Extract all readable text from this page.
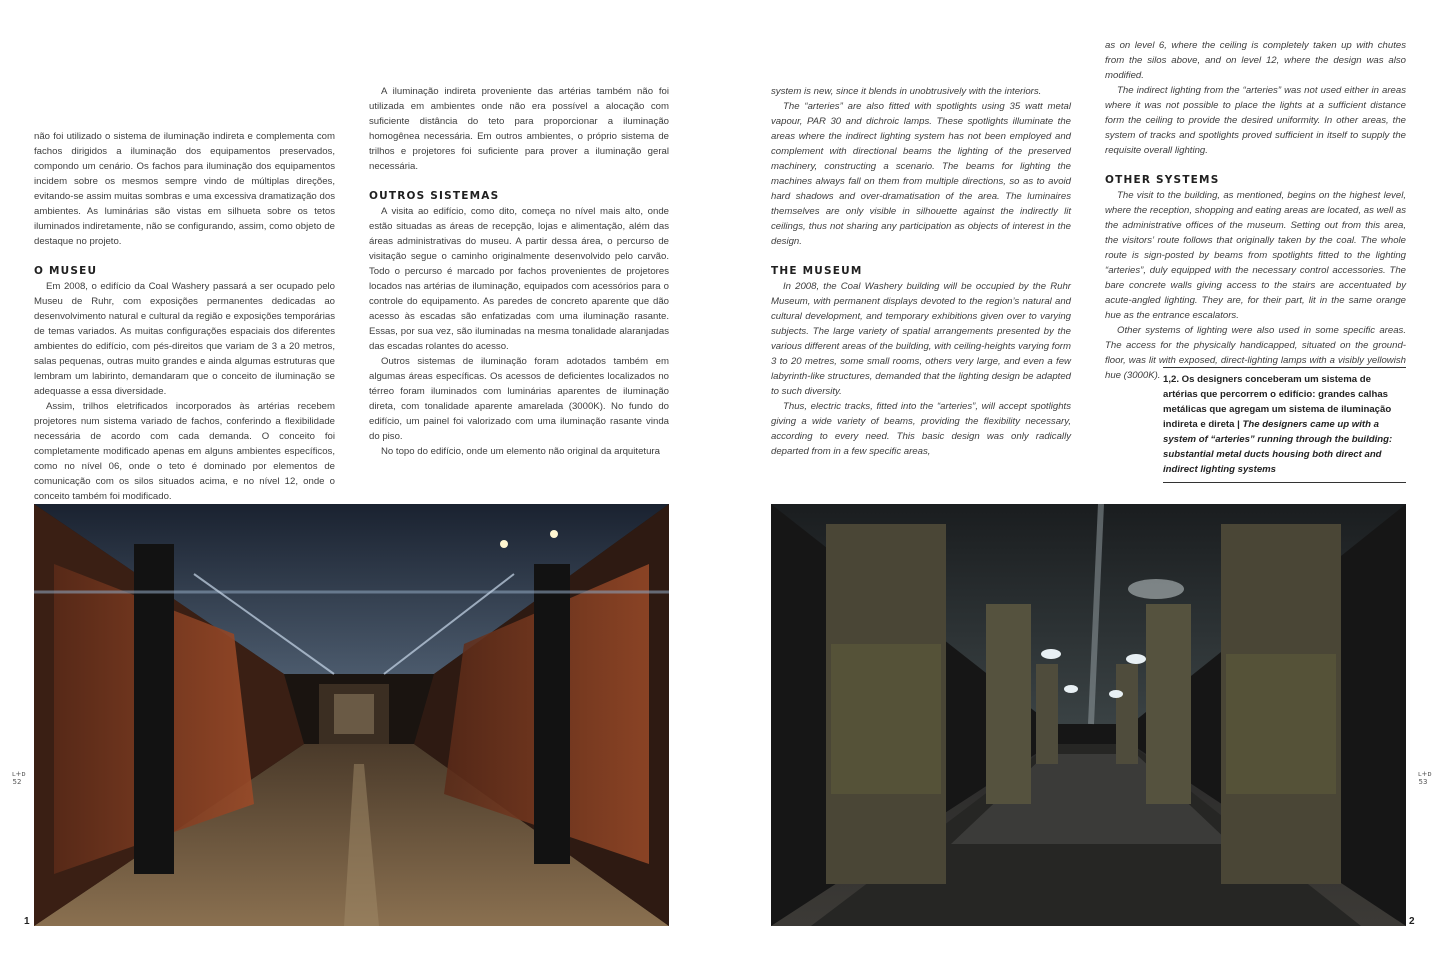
não foi utilizado o sistema de iluminação indireta e complementa com fachos dirigidos a iluminação dos equipamentos preservados, compondo um cenário. Os fachos para iluminação dos equipamentos incidem sobre os mesmos sempre vindo de múltiplas direções, evitando-se assim muitas sombras e uma excessiva dramatização dos ambientes. As luminárias são vistas em silhueta sobre os tetos iluminados indiretamente, não se configurando, assim, como objeto de destaque no projeto.

O MUSEU

Em 2008, o edifício da Coal Washery passará a ser ocupado pelo Museu de Ruhr, com exposições permanentes dedicadas ao desenvolvimento natural e cultural da região e exposições temporárias de temas variados. As muitas configurações espaciais dos diferentes ambientes do edifício, com pés-direitos que variam de 3 a 20 metros, salas pequenas, outras muito grandes e ainda algumas estruturas que lembram um labirinto, demandaram que o conceito de iluminação se adequasse a essa diversidade.

Assim, trilhos eletrificados incorporados às artérias recebem projetores num sistema variado de fachos, conferindo a flexibilidade necessária de acordo com cada demanda. O conceito foi completamente modificado apenas em alguns ambientes específicos, como no nível 06, onde o teto é dominado por elementos de comunicação com os silos situados acima, e no nível 12, onde o conceito também foi modificado.

A iluminação indireta proveniente das artérias também não foi utilizada em ambientes onde não era possível a alocação com suficiente distância do teto para proporcionar a iluminação homogênea necessária. Em outros ambientes, o próprio sistema de trilhos e projetores foi suficiente para prover a iluminação geral necessária.

OUTROS SISTEMAS

A visita ao edifício, como dito, começa no nível mais alto, onde estão situadas as áreas de recepção, lojas e alimentação, além das áreas administrativas do museu. A partir dessa área, o percurso de visitação segue o caminho originalmente desenvolvido pelo carvão. Todo o percurso é marcado por fachos provenientes de projetores locados nas artérias de iluminação, equipados com acessórios para o controle do equipamento. As paredes de concreto aparente que dão acesso às escadas são enfatizadas com uma iluminação rasante. Essas, por sua vez, são iluminadas na mesma tonalidade alaranjadas das escadas rolantes do acesso.

Outros sistemas de iluminação foram adotados também em algumas áreas específicas. Os acessos de deficientes localizados no térreo foram iluminados com luminárias aparentes de iluminação direta, com tonalidade aparente amarelada (3000K). No fundo do edifício, um painel foi valorizado com uma iluminação rasante vinda do piso.

No topo do edifício, onde um elemento não original da arquitetura

system is new, since it blends in unobtrusively with the interiors.

The “arteries” are also fitted with spotlights using 35 watt metal vapour, PAR 30 and dichroic lamps. These spotlights illuminate the areas where the indirect lighting system has not been employed and complement with directional beams the lighting of the preserved machinery, constructing a scenario. The beams for lighting the machines always fall on them from multiple directions, so as to avoid hard shadows and over-dramatisation of the area. The luminaires themselves are only visible in silhouette against the indirectly lit ceilings, thus not sharing any participation as objects of interest in the design.

THE MUSEUM

In 2008, the Coal Washery building will be occupied by the Ruhr Museum, with permanent displays devoted to the region’s natural and cultural development, and temporary exhibitions given over to varying subjects. The large variety of spatial arrangements presented by the various different areas of the building, with ceiling-heights varying form 3 to 20 metres, some small rooms, others very large, and even a few labyrinth-like structures, demanded that the lighting design be adapted to such diversity.

Thus, electric tracks, fitted into the “arteries”, will accept spotlights giving a wide variety of beams, providing the flexibility necessary, according to every need. This basic design was only radically departed from in a few specific areas,

as on level 6, where the ceiling is completely taken up with chutes from the silos above, and on level 12, where the design was also modified.

The indirect lighting from the “arteries” was not used either in areas where it was not possible to place the lights at a sufficient distance form the ceiling to provide the desired uniformity. In other areas, the system of tracks and spotlights proved sufficient in itself to supply the requisite overall lighting.

OTHER SYSTEMS

The visit to the building, as mentioned, begins on the highest level, where the reception, shopping and eating areas are located, as well as the administrative offices of the museum. Setting out from this area, the visitors’ route follows that originally taken by the coal. The whole route is sign-posted by beams from spotlights fitted to the lighting “arteries”, duly equipped with the necessary control accessories. The bare concrete walls giving access to the stairs are accentuated by acute-angled lighting. They are, for their part, lit in the same orange hue as the entrance escalators.

Other systems of lighting were also used in some specific areas. The access for the physically handicapped, situated on the ground-floor, was lit with exposed, direct-lighting lamps with a visibly yellowish hue (3000K). 1,2. Os designers conceberam um sistema de artérias que percorrem o edifício: grandes calhas metálicas que agregam um sistema de iluminação indireta e direta | The designers came up with a system of “arteries” running through the building: substantial metal ducts housing both direct and indirect lighting systems
ʟ+ᴅ 52
ʟ+ᴅ 53
1	2
